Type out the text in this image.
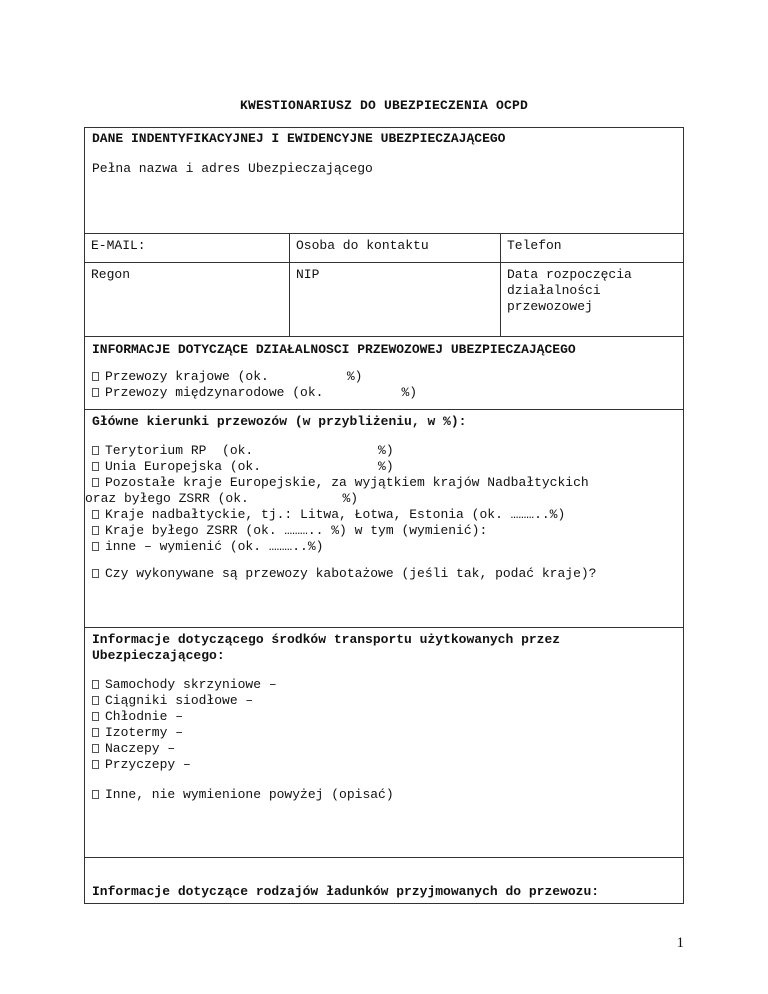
KWESTIONARIUSZ DO UBEZPIECZENIA OCPD
DANE INDENTYFIKACYJNEJ I EWIDENCYJNE UBEZPIECZAJĄCEGO
Pełna nazwa i adres Ubezpieczającego
E-MAIL:	Osoba do kontaktu	Telefon
Regon	NIP	Data rozpoczęcia
działalności
przewozowej
INFORMACJE DOTYCZĄCE DZIAŁALNOSCI PRZEWOZOWEJ UBEZPIECZAJĄCEGO
Przewozy krajowe (ok.          %)
Przewozy międzynarodowe (ok.          %)
Główne kierunki przewozów (w przybliżeniu, w %):
Terytorium RP  (ok.                %)
Unia Europejska (ok.               %)
Pozostałe kraje Europejskie, za wyjątkiem krajów Nadbałtyckich
oraz byłego ZSRR (ok.            %)
Kraje nadbałtyckie, tj.: Litwa, Łotwa, Estonia (ok. ………..%)
Kraje byłego ZSRR (ok. ……….. %) w tym (wymienić):
inne – wymienić (ok. ………..%)
Czy wykonywane są przewozy kabotażowe (jeśli tak, podać kraje)?
Informacje dotyczącego środków transportu użytkowanych przez
Ubezpieczającego:
Samochody skrzyniowe –
Ciągniki siodłowe –
Chłodnie –
Izotermy –
Naczepy –
Przyczepy –
Inne, nie wymienione powyżej (opisać)
Informacje dotyczące rodzajów ładunków przyjmowanych do przewozu:
1
